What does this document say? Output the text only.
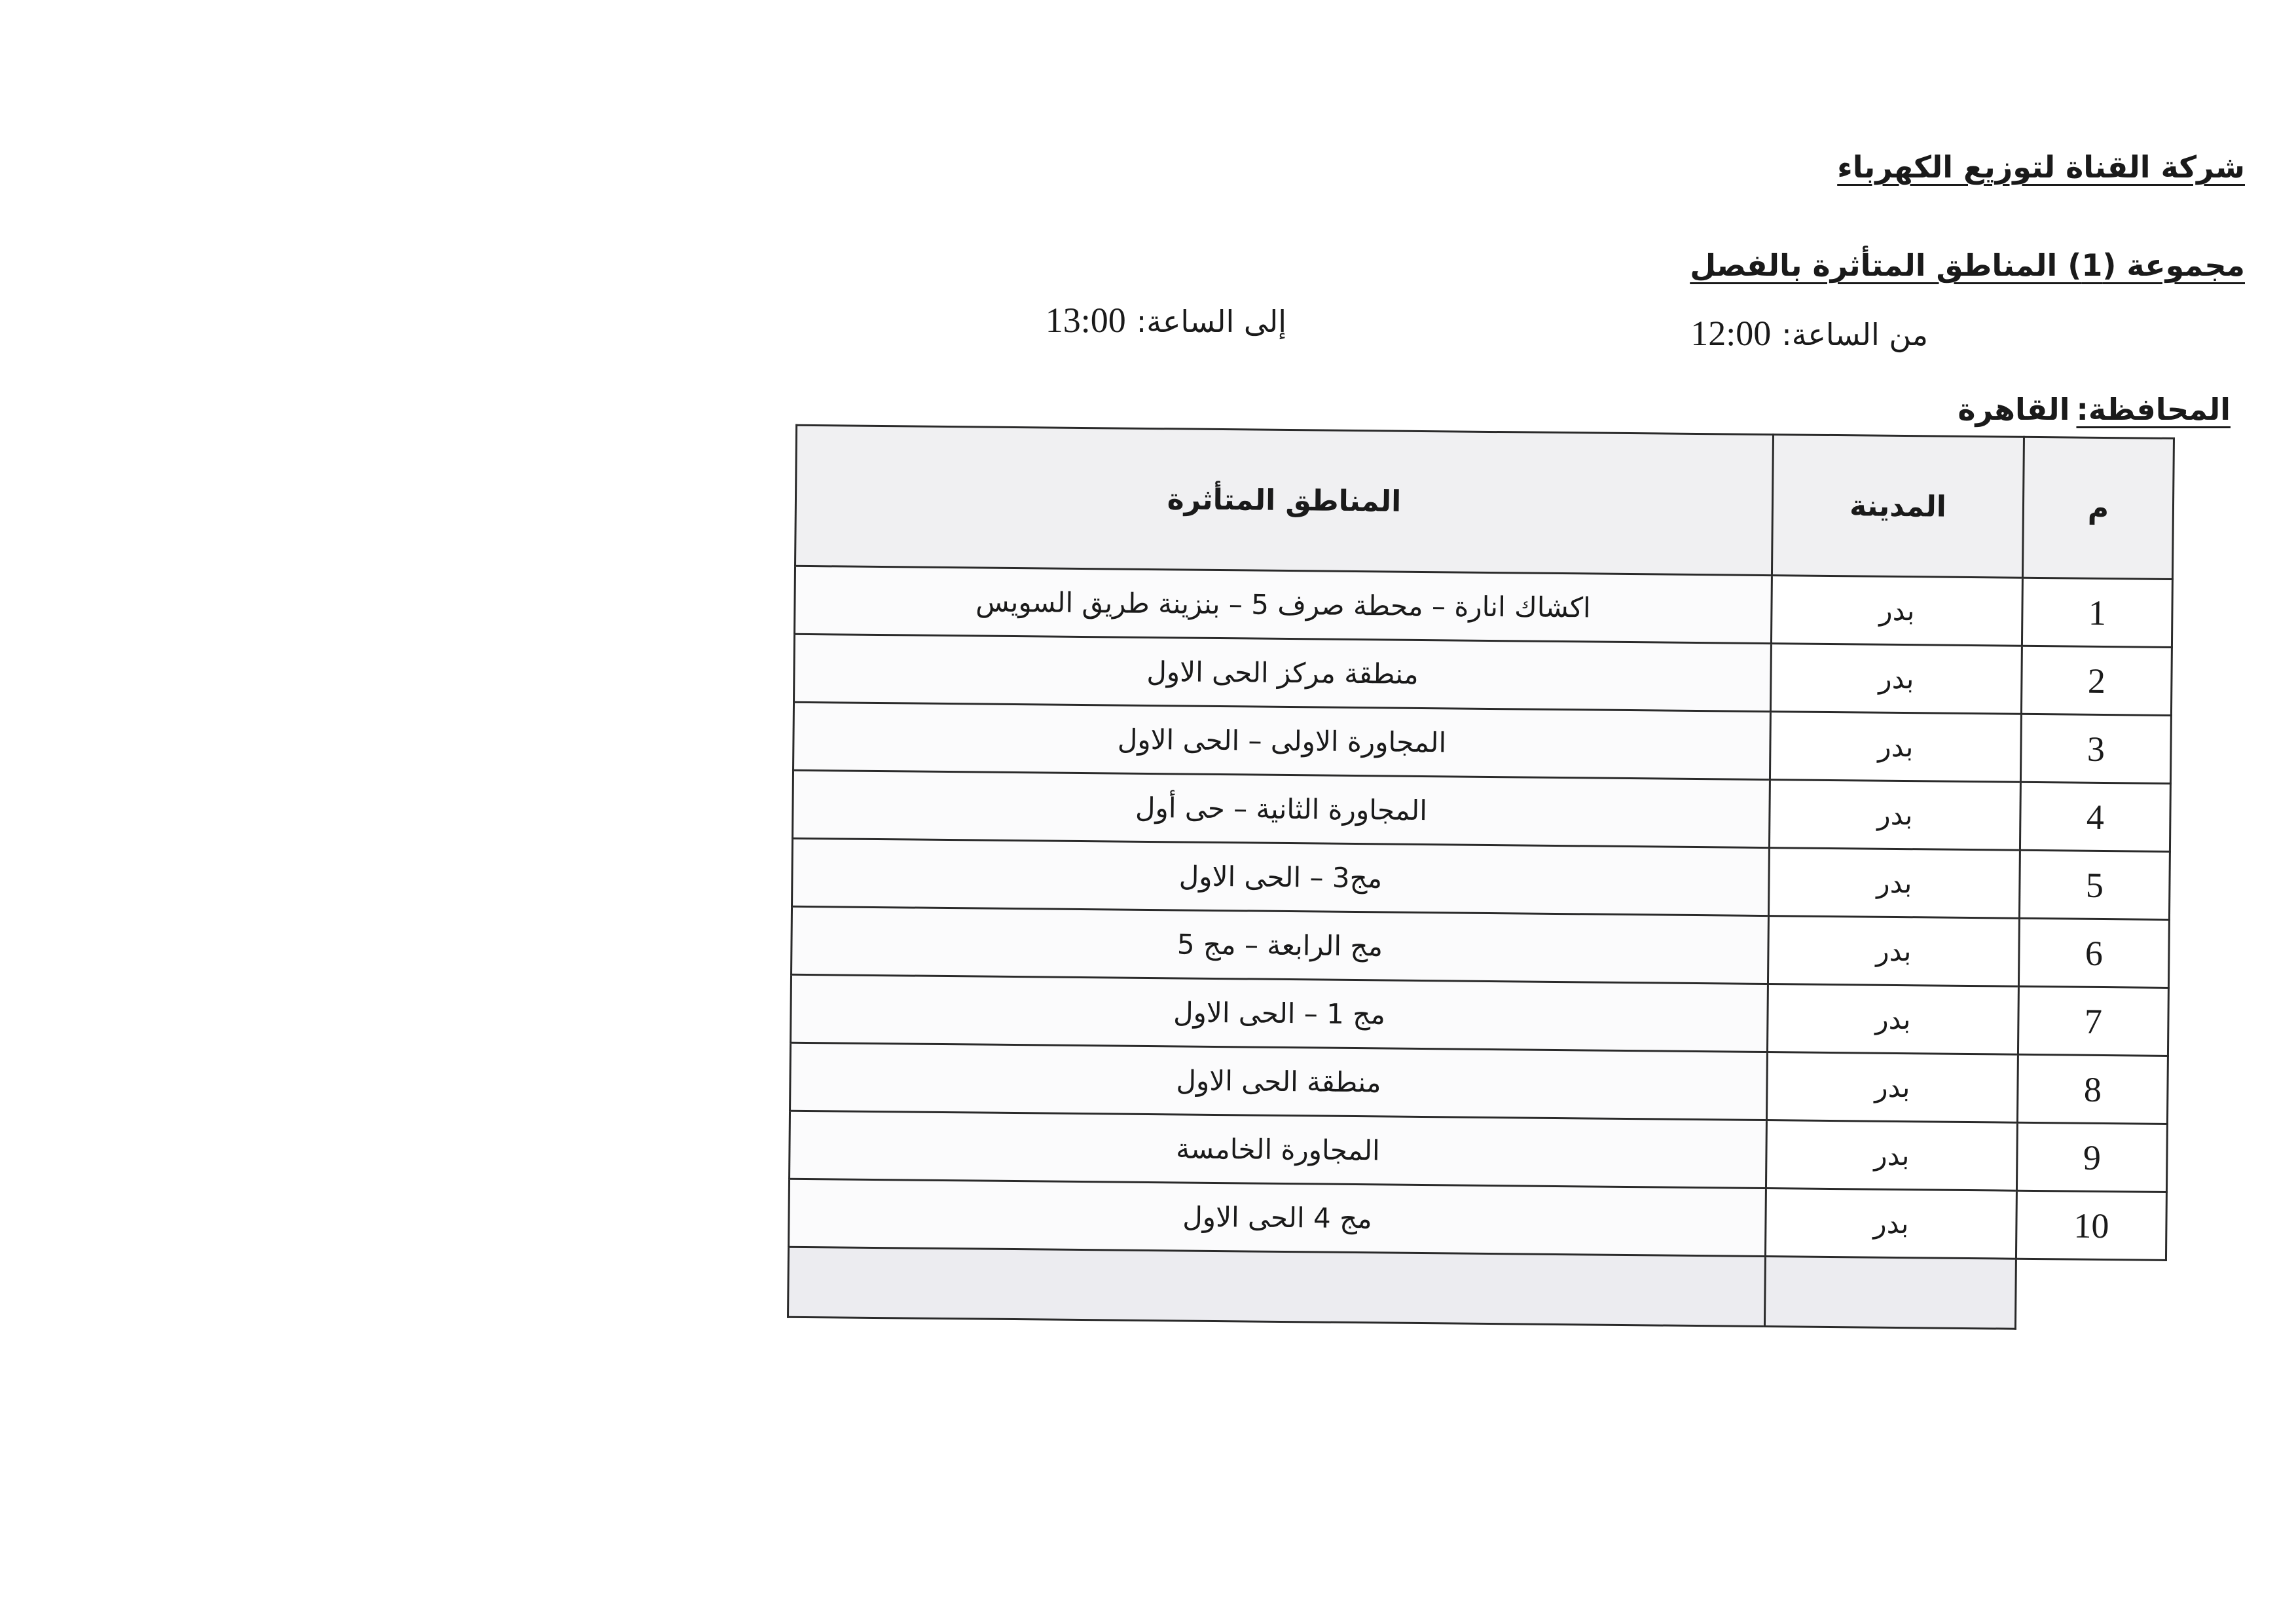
شركة القناة لتوزيع الكهرباء
مجموعة (1) المناطق المتأثرة بالفصل
من الساعة:12:00
إلى الساعة:13:00
المحافظة:القاهرة
م	المدينة	المناطق المتأثرة
1	بدر	اكشاك انارة – محطة صرف 5 – بنزينة طريق السويس
2	بدر	منطقة مركز الحى الاول
3	بدر	المجاورة الاولى – الحى الاول
4	بدر	المجاورة الثانية – حى أول
5	بدر	مج3 – الحى الاول
6	بدر	مج الرابعة – مج 5
7	بدر	مج 1 – الحى الاول
8	بدر	منطقة الحى الاول
9	بدر	المجاورة الخامسة
10	بدر	مج 4 الحى الاول
